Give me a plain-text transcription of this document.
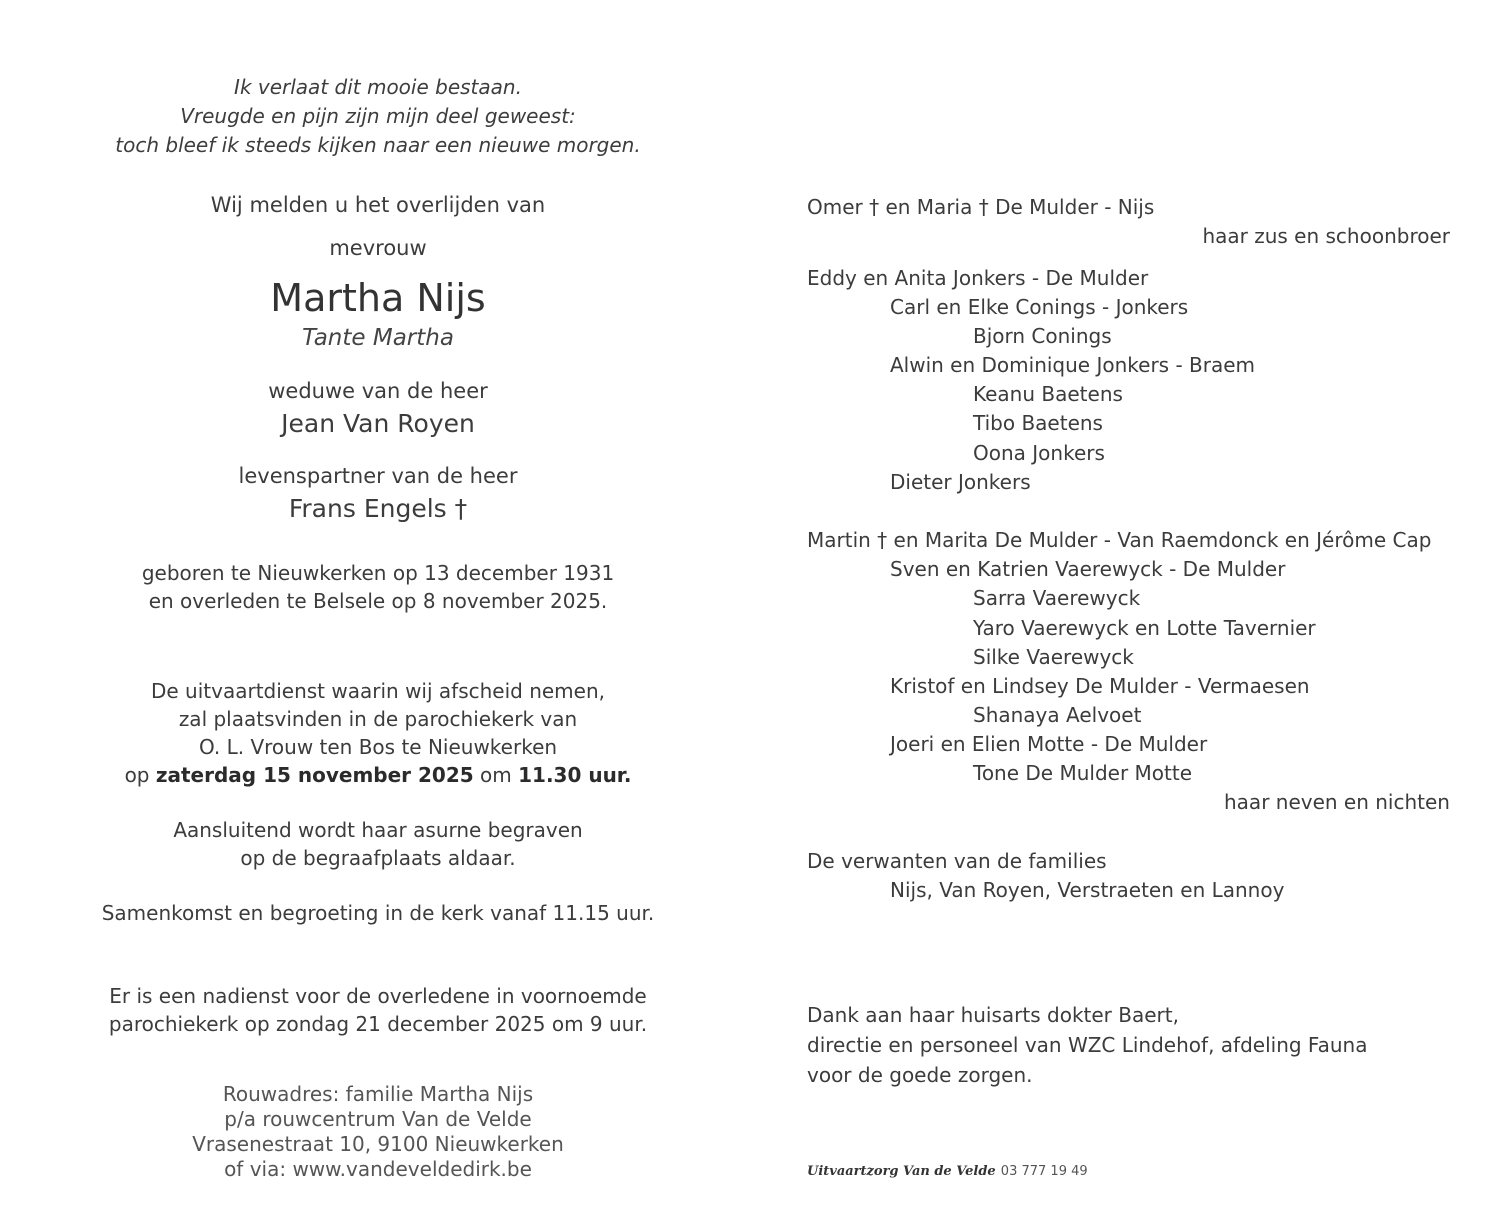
Ik verlaat dit mooie bestaan.
Vreugde en pijn zijn mijn deel geweest:
toch bleef ik steeds kijken naar een nieuwe morgen.
Wij melden u het overlijden van
mevrouw
Martha Nijs
Tante Martha
weduwe van de heer
Jean Van Royen
levenspartner van de heer
Frans Engels †
geboren te Nieuwkerken op 13 december 1931
en overleden te Belsele op 8 november 2025.
De uitvaartdienst waarin wij afscheid nemen,
zal plaatsvinden in de parochiekerk van
O. L. Vrouw ten Bos te Nieuwkerken
op zaterdag 15 november 2025 om 11.30 uur.
Aansluitend wordt haar asurne begraven
op de begraafplaats aldaar.
Samenkomst en begroeting in de kerk vanaf 11.15 uur.
Er is een nadienst voor de overledene in voornoemde
parochiekerk op zondag 21 december 2025 om 9 uur.
Rouwadres: familie Martha Nijs
p/a rouwcentrum Van de Velde
Vrasenestraat 10, 9100 Nieuwkerken
of via: www.vandeveldedirk.be
Omer † en Maria † De Mulder - Nijs
haar zus en schoonbroer
Eddy en Anita Jonkers - De Mulder
Carl en Elke Conings - Jonkers
Bjorn Conings
Alwin en Dominique Jonkers - Braem
Keanu Baetens
Tibo Baetens
Oona Jonkers
Dieter Jonkers
Martin † en Marita De Mulder - Van Raemdonck en Jérôme Cap
Sven en Katrien Vaerewyck - De Mulder
Sarra Vaerewyck
Yaro Vaerewyck en Lotte Tavernier
Silke Vaerewyck
Kristof en Lindsey De Mulder - Vermaesen
Shanaya Aelvoet
Joeri en Elien Motte - De Mulder
Tone De Mulder Motte
haar neven en nichten
De verwanten van de families
Nijs, Van Royen, Verstraeten en Lannoy
Dank aan haar huisarts dokter Baert,
directie en personeel van WZC Lindehof, afdeling Fauna
voor de goede zorgen.
Uitvaartzorg Van de Velde 03 777 19 49
